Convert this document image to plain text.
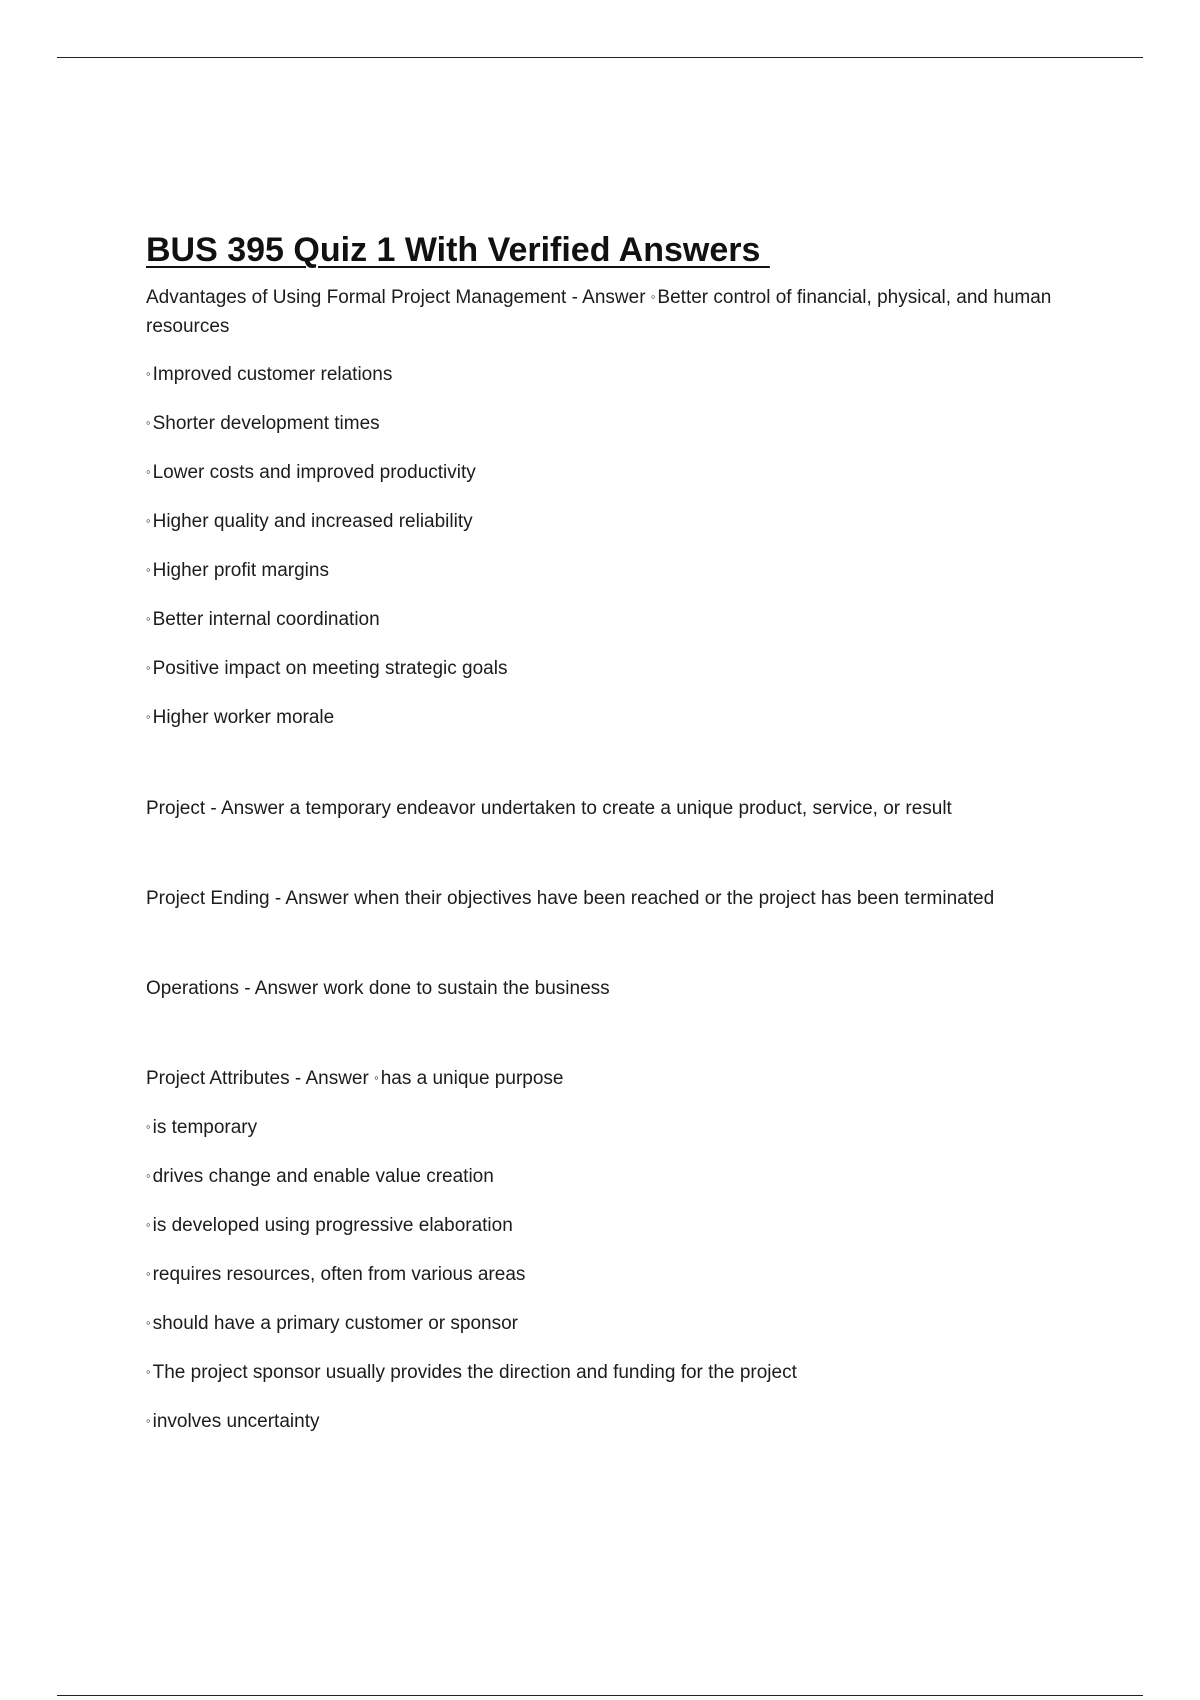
BUS 395 Quiz 1 With Verified Answers

Advantages of Using Formal Project Management - Answer ◦ Better control of financial, physical, and human resources

◦ Improved customer relations

◦ Shorter development times

◦ Lower costs and improved productivity

◦ Higher quality and increased reliability

◦ Higher profit margins

◦ Better internal coordination

◦ Positive impact on meeting strategic goals

◦ Higher worker morale

Project - Answer a temporary endeavor undertaken to create a unique product, service, or result

Project Ending - Answer when their objectives have been reached or the project has been terminated

Operations - Answer work done to sustain the business

Project Attributes - Answer ◦ has a unique purpose

◦ is temporary

◦ drives change and enable value creation

◦ is developed using progressive elaboration

◦ requires resources, often from various areas

◦ should have a primary customer or sponsor

◦ The project sponsor usually provides the direction and funding for the project

◦ involves uncertainty
